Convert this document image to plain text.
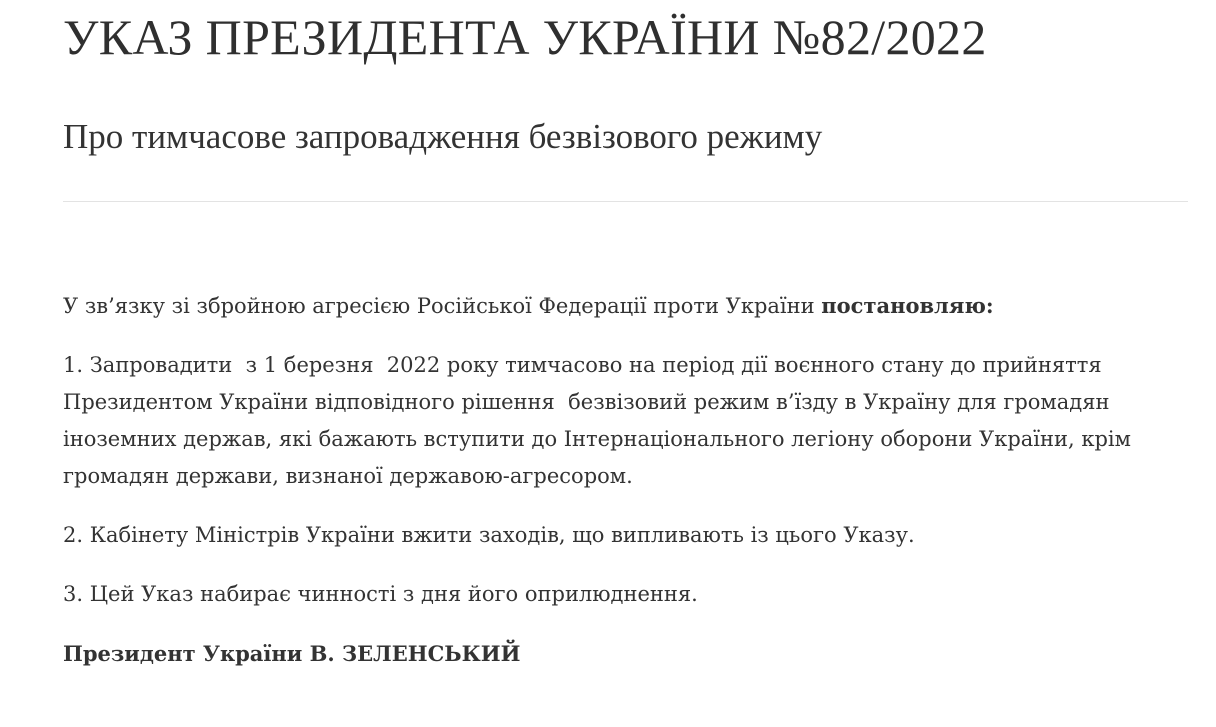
УКАЗ ПРЕЗИДЕНТА УКРАЇНИ №82/2022
Про тимчасове запровадження безвізового режиму

У зв’язку зі збройною агресією Російської Федерації проти України постановляю:

1. Запровадити  з 1 березня  2022 року тимчасово на період дії воєнного стану до прийняття Президентом України відповідного рішення  безвізовий режим в’їзду в Україну для громадян іноземних держав, які бажають вступити до Інтернаціонального легіону оборони України, крім громадян держави, визнаної державою-агресором.

2. Кабінету Міністрів України вжити заходів, що випливають із цього Указу.

3. Цей Указ набирає чинності з дня його оприлюднення.

Президент України В. ЗЕЛЕНСЬКИЙ
